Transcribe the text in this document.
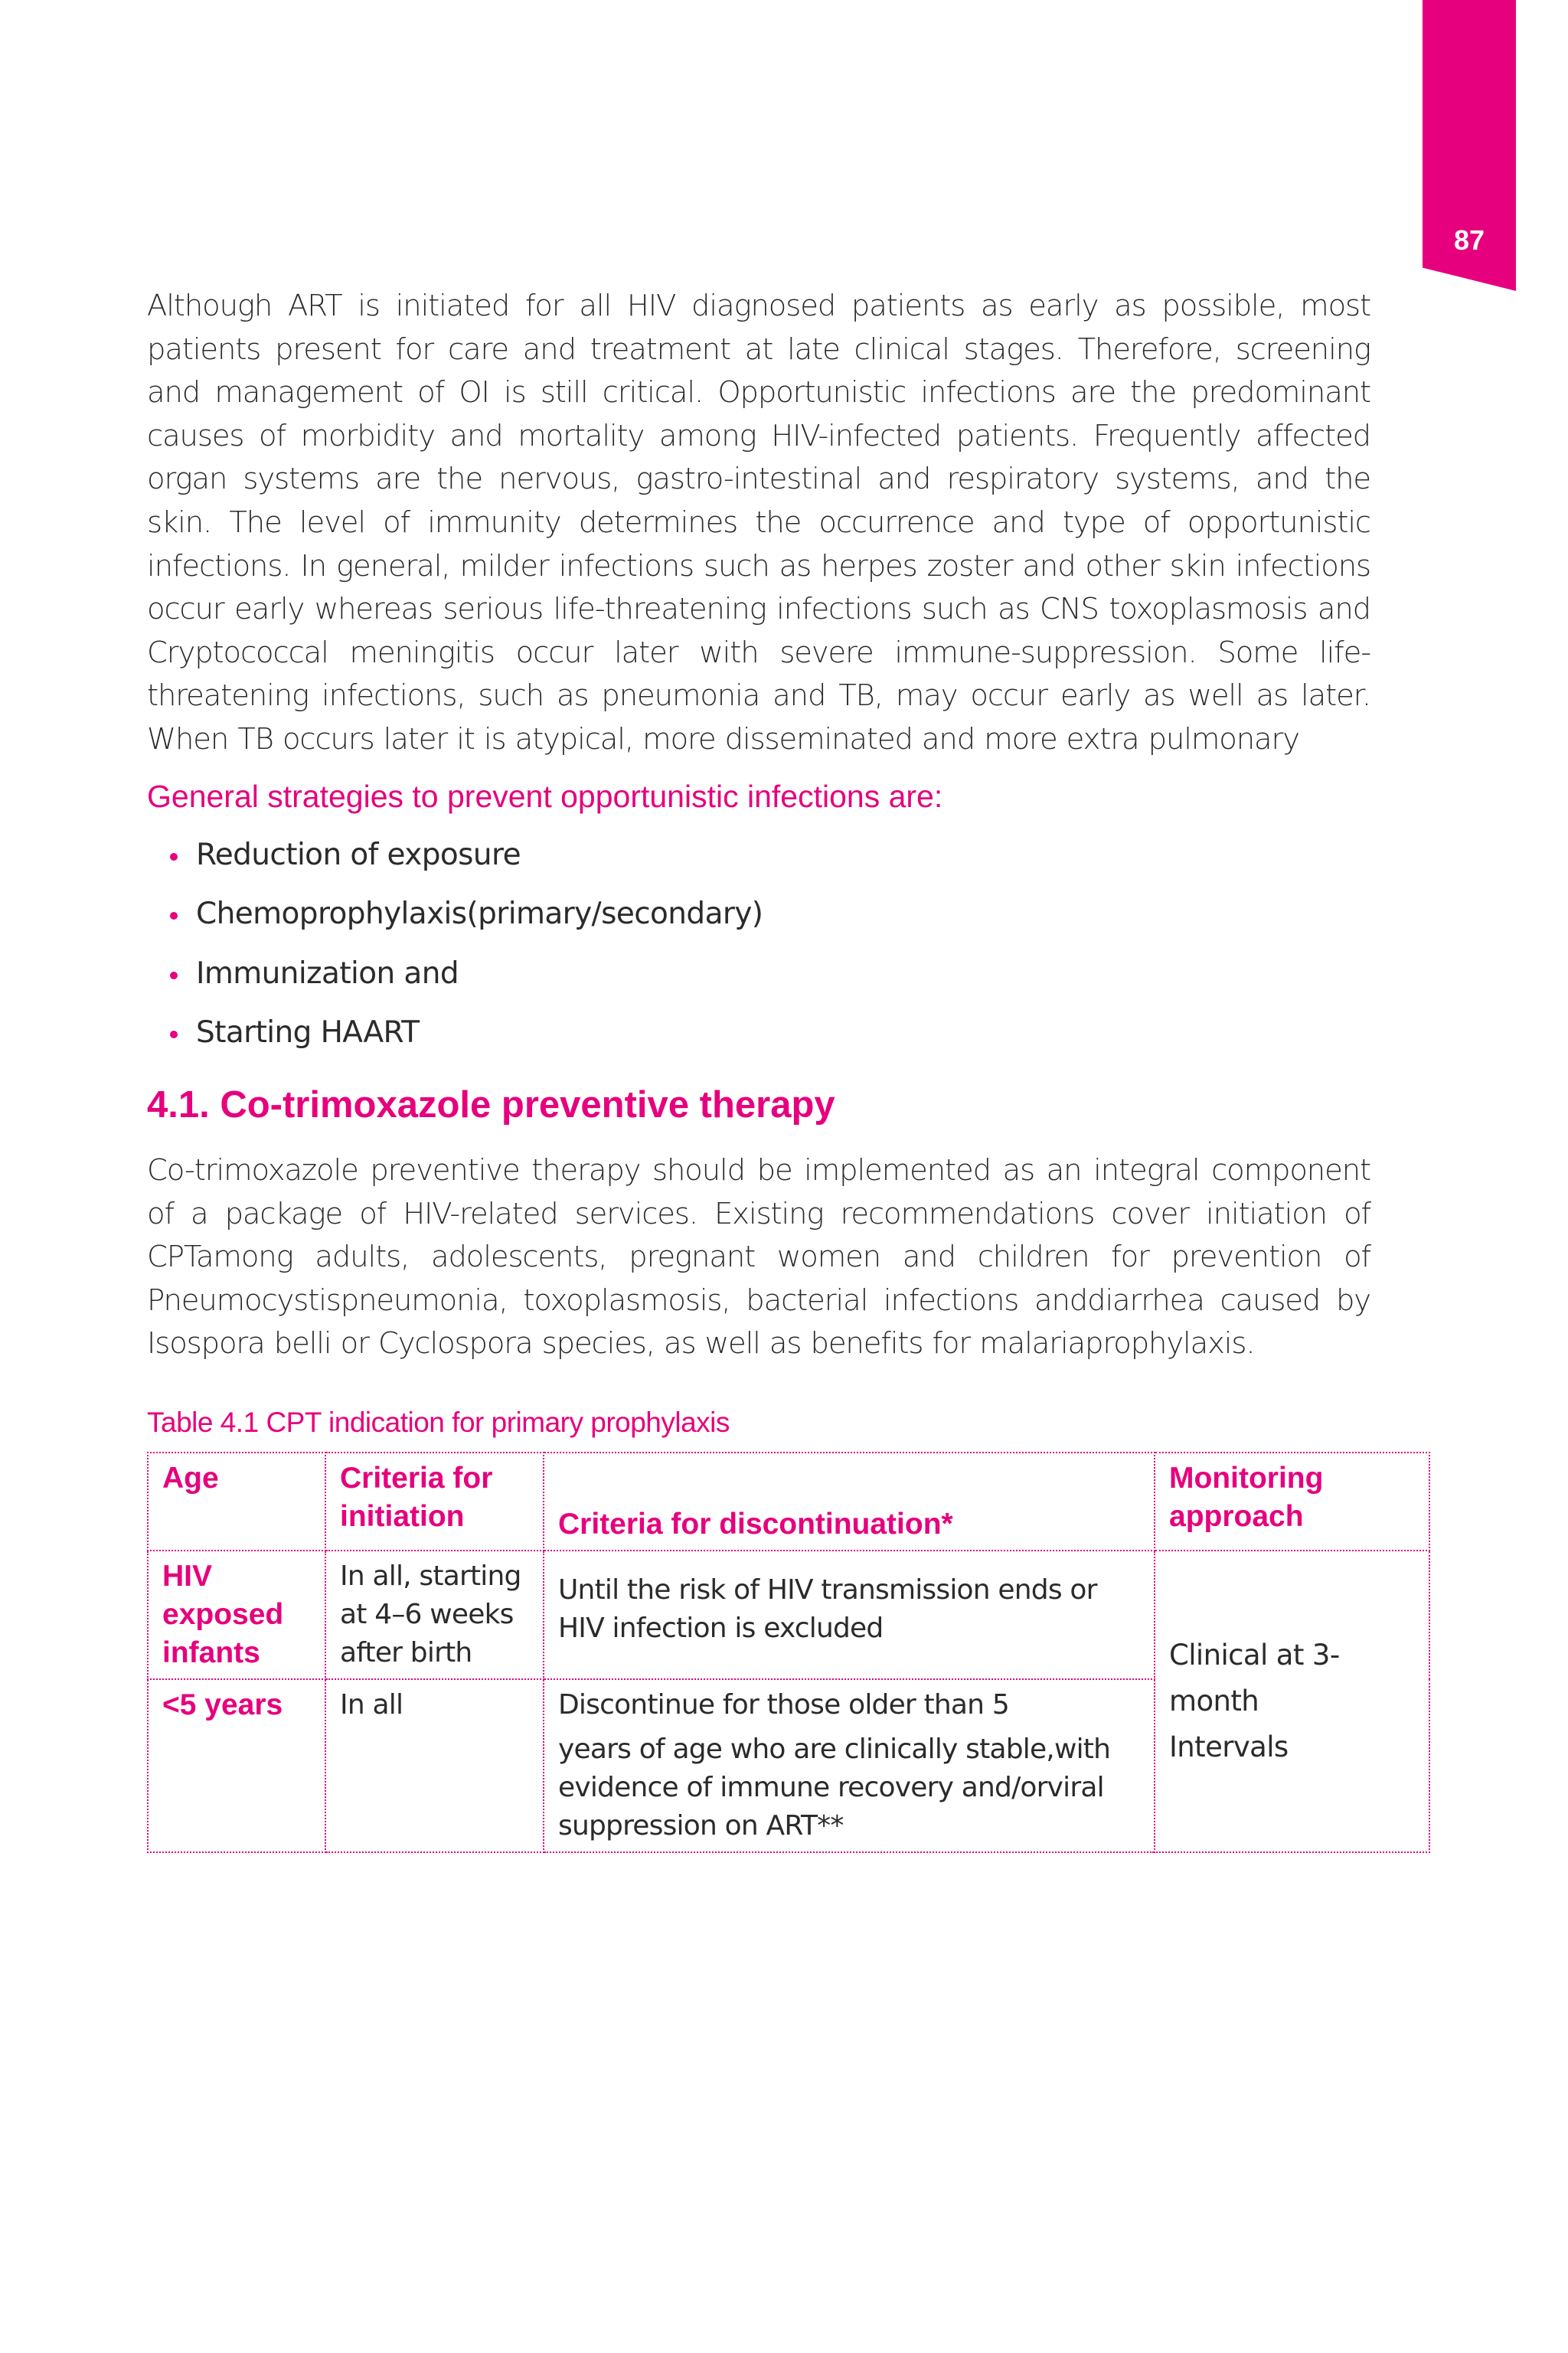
87

Although ART is initiated for all HIV diagnosed patients as early as possible, most patients present for care and treatment at late clinical stages. Therefore, screening and management of OI is still critical. Opportunistic infections are the predominant causes of morbidity and mortality among HIV-infected patients. Frequently affected organ systems are the nervous, gastro-intestinal and respiratory systems, and the skin. The level of immunity determines the occurrence and type of opportunistic infections. In general, milder infections such as herpes zoster and other skin infections occur early whereas serious life-threatening infections such as CNS toxoplasmosis and Cryptococcal meningitis occur later with severe immune-suppression. Some life-threatening infections, such as pneumonia and TB, may occur early as well as later. When TB occurs later it is atypical, more disseminated and more extra pulmonary

General strategies to prevent opportunistic infections are:

Reduction of exposure
Chemoprophylaxis(primary/secondary)
Immunization and
Starting HAART
4.1. Co-trimoxazole preventive therapy

Co-trimoxazole preventive therapy should be implemented as an integral component of a package of HIV-related services. Existing recommendations cover initiation of CPTamong adults, adolescents, pregnant women and children for prevention of Pneumocystispneumonia, toxoplasmosis, bacterial infections anddiarrhea caused by Isospora belli or Cyclospora species, as well as benefits for malariaprophylaxis.

Table 4.1 CPT indication for primary prophylaxis

Age	Criteria for initiation	Criteria for discontinuation*	Monitoring approach
HIV exposed infants	In all, starting at 4–6 weeks after birth	Until the risk of HIV transmission ends or HIV infection is excluded	Clinical at 3-month
Intervals

<5 years	In all	Discontinue for those older than 5
years of age who are clinically stable,with evidence of immune recovery and/orviral suppression on ART**	
